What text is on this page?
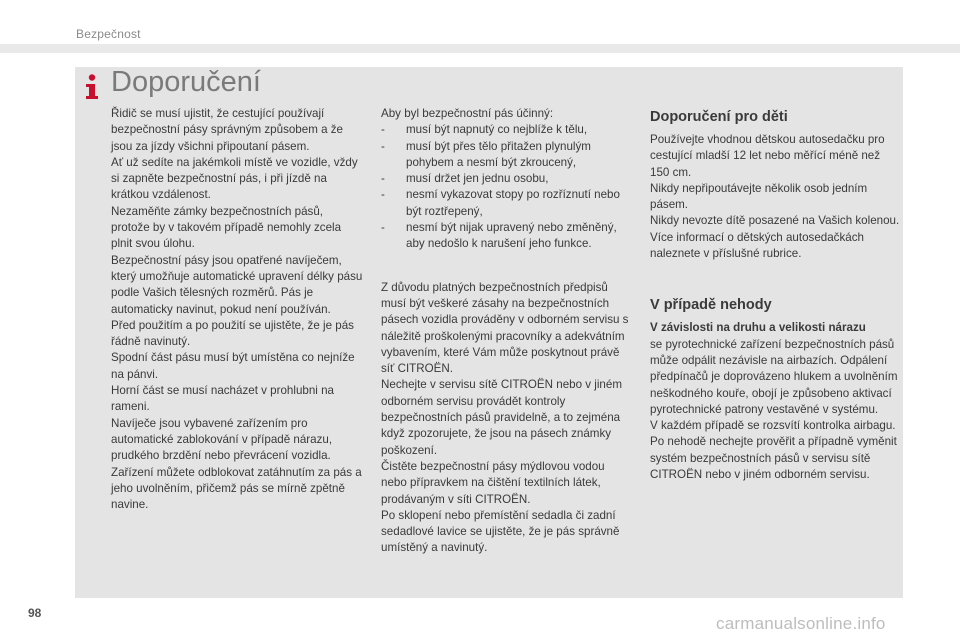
Bezpečnost
Doporučení

Řidič se musí ujistit, že cestující používají bezpečnostní pásy správným způsobem a že jsou za jízdy všichni připoutaní pásem.

Ať už sedíte na jakémkoli místě ve vozidle, vždy si zapněte bezpečnostní pás, i při jízdě na krátkou vzdálenost.

Nezaměňte zámky bezpečnostních pásů, protože by v takovém případě nemohly zcela plnit svou úlohu.

Bezpečnostní pásy jsou opatřené navíječem, který umožňuje automatické upravení délky pásu podle Vašich tělesných rozměrů. Pás je automaticky navinut, pokud není používán.

Před použitím a po použití se ujistěte, že je pás řádně navinutý.

Spodní část pásu musí být umístěna co nejníže na pánvi.

Horní část se musí nacházet v prohlubni na rameni.

Navíječe jsou vybavené zařízením pro automatické zablokování v případě nárazu, prudkého brzdění nebo převrácení vozidla. Zařízení můžete odblokovat zatáhnutím za pás a jeho uvolněním, přičemž pás se mírně zpětně navine.

Aby byl bezpečnostní pás účinný:

-	musí být napnutý co nejblíže k tělu,
-	musí být přes tělo přitažen plynulým pohybem a nesmí být zkroucený,
-	musí držet jen jednu osobu,
-	nesmí vykazovat stopy po rozříznutí nebo být roztřepený,
-	nesmí být nijak upravený nebo změněný, aby nedošlo k narušení jeho funkce.

Z důvodu platných bezpečnostních předpisů musí být veškeré zásahy na bezpečnostních pásech vozidla prováděny v odborném servisu s náležitě proškolenými pracovníky a adekvátním vybavením, které Vám může poskytnout právě síť CITROËN.

Nechejte v servisu sítě CITROËN nebo v jiném odborném servisu provádět kontroly bezpečnostních pásů pravidelně, a to zejména když zpozorujete, že jsou na pásech známky poškození.

Čistěte bezpečnostní pásy mýdlovou vodou nebo přípravkem na čištění textilních látek, prodávaným v síti CITROËN.

Po sklopení nebo přemístění sedadla či zadní sedadlové lavice se ujistěte, že je pás správně umístěný a navinutý.

Doporučení pro děti

Používejte vhodnou dětskou autosedačku pro cestující mladší 12 let nebo měřící méně než 150 cm.

Nikdy nepřipoutávejte několik osob jedním pásem.

Nikdy nevozte dítě posazené na Vašich kolenou.

Více informací o dětských autosedačkách naleznete v příslušné rubrice.

V případě nehody

V závislosti na druhu a velikosti nárazu

se pyrotechnické zařízení bezpečnostních pásů může odpálit nezávisle na airbazích. Odpálení předpínačů je doprovázeno hlukem a uvolněním neškodného kouře, obojí je způsobeno aktivací pyrotechnické patrony vestavěné v systému.

V každém případě se rozsvítí kontrolka airbagu.

Po nehodě nechejte prověřit a případně vyměnit systém bezpečnostních pásů v servisu sítě CITROËN nebo v jiném odborném servisu.

98
carmanualsonline.info
